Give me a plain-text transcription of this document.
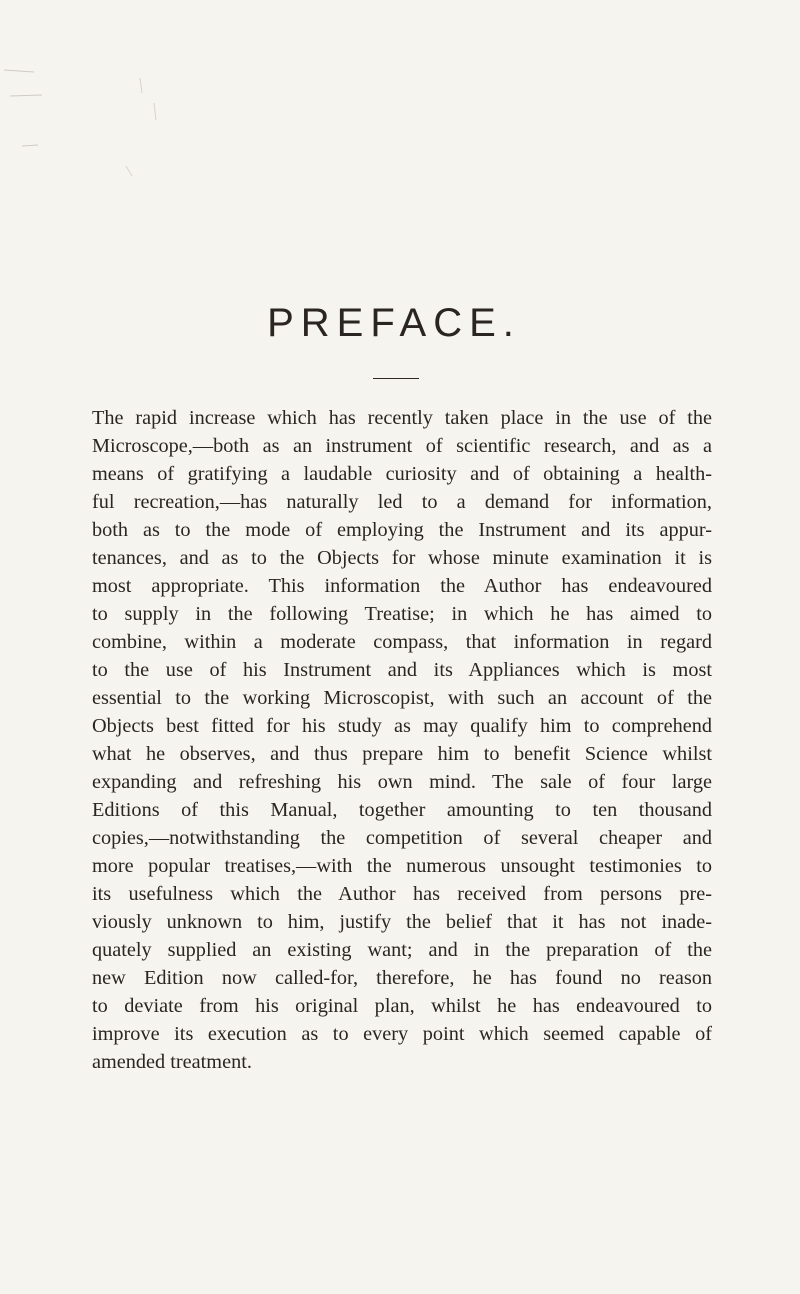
PREFACE.
The rapid increase which has recently taken place in the use of the
Microscope,—both as an instrument of scientific research, and as a
means of gratifying a laudable curiosity and of obtaining a health-
ful recreation,—has naturally led to a demand for information,
both as to the mode of employing the Instrument and its appur-
tenances, and as to the Objects for whose minute examination it is
most appropriate. This information the Author has endeavoured
to supply in the following Treatise; in which he has aimed to
combine, within a moderate compass, that information in regard
to the use of his Instrument and its Appliances which is most
essential to the working Microscopist, with such an account of the
Objects best fitted for his study as may qualify him to comprehend
what he observes, and thus prepare him to benefit Science whilst
expanding and refreshing his own mind. The sale of four large
Editions of this Manual, together amounting to ten thousand
copies,—notwithstanding the competition of several cheaper and
more popular treatises,—with the numerous unsought testimonies to
its usefulness which the Author has received from persons pre-
viously unknown to him, justify the belief that it has not inade-
quately supplied an existing want; and in the preparation of the
new Edition now called-for, therefore, he has found no reason
to deviate from his original plan, whilst he has endeavoured to
improve its execution as to every point which seemed capable of
amended treatment.
